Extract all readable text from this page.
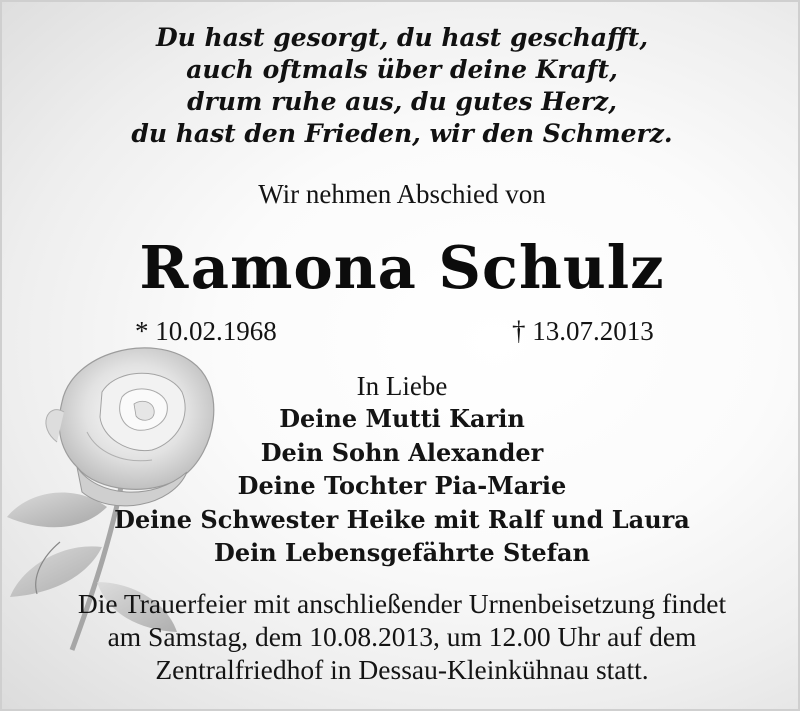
Du hast gesorgt, du hast geschafft,
auch oftmals über deine Kraft,
drum ruhe aus, du gutes Herz,
du hast den Frieden, wir den Schmerz.
Wir nehmen Abschied von
Ramona Schulz
* 10.02.1968	† 13.07.2013
In Liebe
Deine Mutti Karin
Dein Sohn Alexander
Deine Tochter Pia-Marie
Deine Schwester Heike mit Ralf und Laura
Dein Lebensgefährte Stefan
Die Trauerfeier mit anschließender Urnenbeisetzung findet
am Samstag, dem 10.08.2013, um 12.00 Uhr auf dem
Zentralfriedhof in Dessau-Kleinkühnau statt.
